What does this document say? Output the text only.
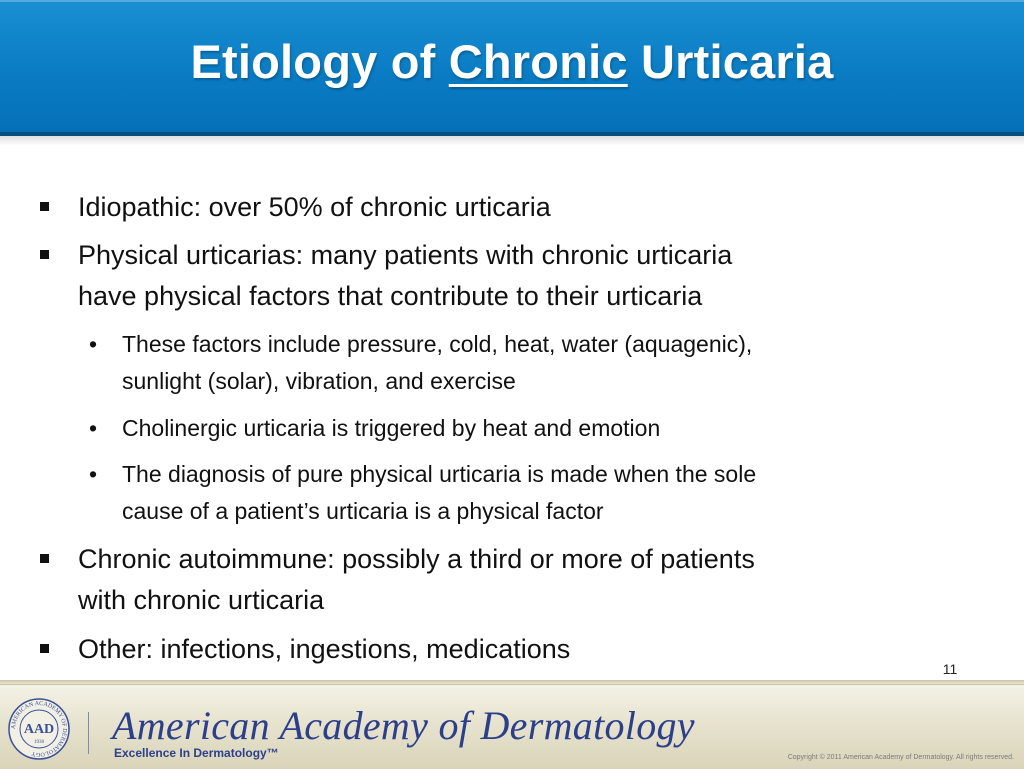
Etiology of Chronic Urticaria
Idiopathic: over 50% of chronic urticaria
Physical urticarias: many patients with chronic urticaria
have physical factors that contribute to their urticaria
• These factors include pressure, cold, heat, water (aquagenic),
sunlight (solar), vibration, and exercise
• Cholinergic urticaria is triggered by heat and emotion
• The diagnosis of pure physical urticaria is made when the sole
cause of a patient’s urticaria is a physical factor
Chronic autoimmune: possibly a third or more of patients
with chronic urticaria
Other: infections, ingestions, medications
11
AMERICAN ACADEMY OF DERMATOLOGY
AAD
1938 American Academy of Dermatology
Excellence In Dermatology™	Copyright © 2011 American Academy of Dermatology. All rights reserved.
